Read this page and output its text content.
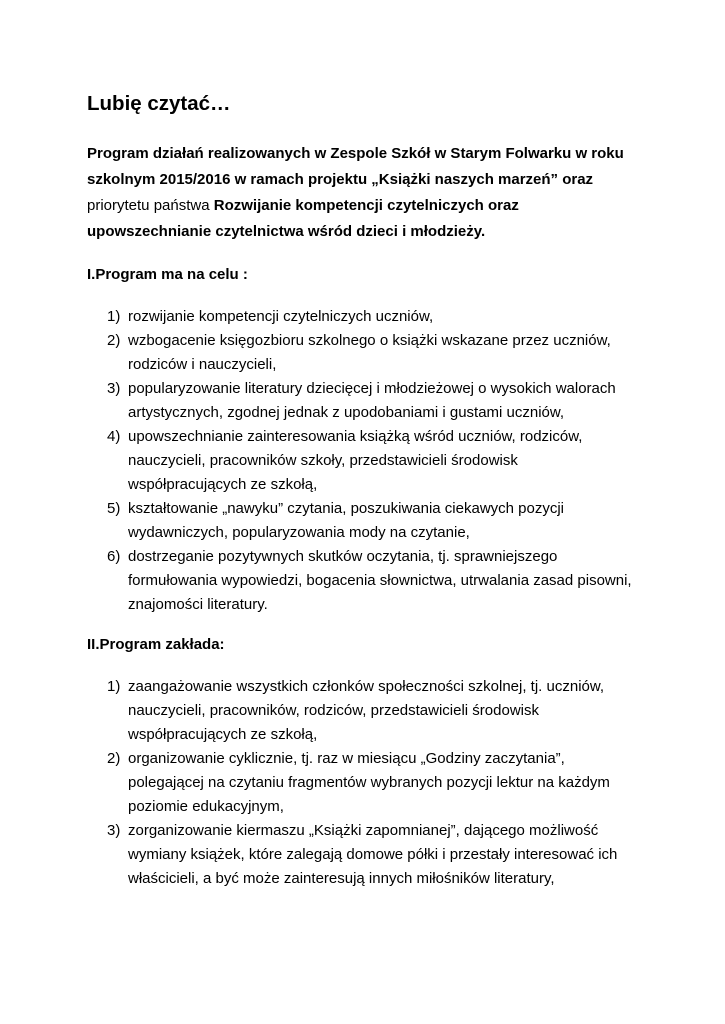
Lubię czytać…

Program działań realizowanych w Zespole Szkół w Starym Folwarku w roku szkolnym 2015/2016 w ramach projektu „Książki naszych marzeń” oraz priorytetu państwa Rozwijanie kompetencji czytelniczych oraz upowszechnianie czytelnictwa wśród dzieci i młodzieży.

I.Program ma na celu :
1) rozwijanie kompetencji czytelniczych uczniów,
2) wzbogacenie księgozbioru szkolnego o książki wskazane przez uczniów, rodziców i nauczycieli,
3) popularyzowanie literatury dziecięcej i młodzieżowej o wysokich walorach artystycznych, zgodnej jednak z upodobaniami i gustami uczniów,
4) upowszechnianie zainteresowania książką wśród uczniów, rodziców, nauczycieli, pracowników szkoły, przedstawicieli środowisk współpracujących ze szkołą,
5) kształtowanie „nawyku” czytania, poszukiwania ciekawych pozycji wydawniczych, popularyzowania mody na czytanie,
6) dostrzeganie pozytywnych skutków oczytania, tj. sprawniejszego formułowania wypowiedzi, bogacenia słownictwa, utrwalania zasad pisowni, znajomości literatury.
II.Program zakłada:
1) zaangażowanie wszystkich członków społeczności szkolnej, tj. uczniów, nauczycieli, pracowników, rodziców, przedstawicieli środowisk współpracujących ze szkołą,
2) organizowanie cyklicznie, tj. raz w miesiącu „Godziny zaczytania”, polegającej na czytaniu fragmentów wybranych pozycji lektur na każdym poziomie edukacyjnym,
3) zorganizowanie kiermaszu „Książki zapomnianej”, dającego możliwość wymiany książek, które zalegają domowe półki i przestały interesować ich właścicieli, a być może zainteresują innych miłośników literatury,
